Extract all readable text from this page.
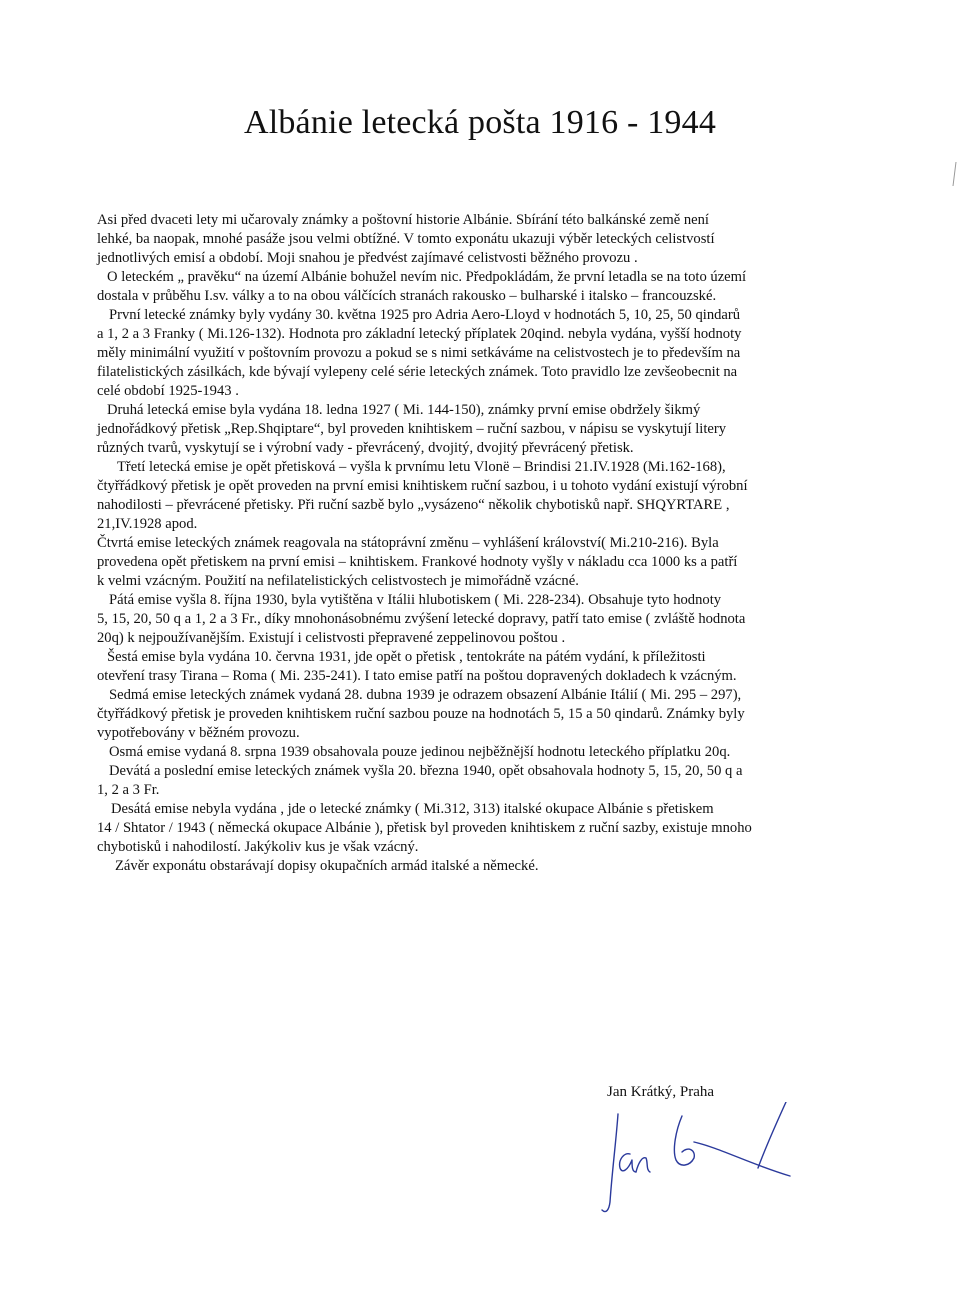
Albánie letecká pošta 1916 - 1944
Asi před dvaceti lety mi učarovaly známky a poštovní historie Albánie. Sbírání této balkánské země není
lehké, ba naopak, mnohé pasáže jsou velmi obtížné. V tomto exponátu ukazuji výběr leteckých celistvostí
jednotlivých emisí a období. Moji snahou je předvést zajímavé celistvosti běžného provozu .
O leteckém „ pravěku“ na území Albánie bohužel nevím nic. Předpokládám, že první letadla se na toto území
dostala v průběhu I.sv. války a to na obou válčících stranách rakousko – bulharské i italsko – francouzské.
První letecké známky byly vydány 30. května 1925 pro Adria Aero-Lloyd v hodnotách 5, 10, 25, 50 qindarů
a 1, 2 a 3 Franky ( Mi.126-132). Hodnota pro základní letecký příplatek 20qind. nebyla vydána, vyšší hodnoty
měly minimální využití v poštovním provozu a pokud se s nimi setkáváme na celistvostech je to především na
filatelistických zásilkách, kde bývají vylepeny celé série leteckých známek. Toto pravidlo lze zevšeobecnit na
celé období 1925-1943 .
Druhá letecká emise byla vydána 18. ledna 1927 ( Mi. 144-150), známky první emise obdržely šikmý
jednořádkový přetisk „Rep.Shqiptare“, byl proveden knihtiskem – ruční sazbou, v nápisu se vyskytují litery
různých tvarů, vyskytují se i výrobní vady - převrácený, dvojitý, dvojitý převrácený přetisk.
Třetí letecká emise je opět přetisková – vyšla k prvnímu letu Vlonë – Brindisi 21.IV.1928 (Mi.162-168),
čtyřřádkový přetisk je opět proveden na první emisi knihtiskem ruční sazbou, i u tohoto vydání existují výrobní
nahodilosti – převrácené přetisky. Při ruční sazbě bylo „vysázeno“ několik chybotisků např. SHQYRTARE ,
21,IV.1928 apod.
Čtvrtá emise leteckých známek reagovala na státoprávní změnu – vyhlášení království( Mi.210-216). Byla
provedena opět přetiskem na první emisi – knihtiskem. Frankové hodnoty vyšly v nákladu cca 1000 ks a patří
k velmi vzácným. Použití na nefilatelistických celistvostech je mimořádně vzácné.
Pátá emise vyšla 8. října 1930, byla vytištěna v Itálii hlubotiskem ( Mi. 228-234). Obsahuje tyto hodnoty
5, 15, 20, 50 q a 1, 2 a 3 Fr., díky mnohonásobnému zvýšení letecké dopravy, patří tato emise ( zvláště hodnota
20q) k nejpoužívanějším. Existují i celistvosti přepravené zeppelinovou poštou .
Šestá emise byla vydána 10. června 1931, jde opět o přetisk , tentokráte na pátém vydání, k příležitosti
otevření trasy Tirana – Roma ( Mi. 235-241). I tato emise patří na poštou dopravených dokladech k vzácným.
Sedmá emise leteckých známek vydaná 28. dubna 1939 je odrazem obsazení Albánie Itálií ( Mi. 295 – 297),
čtyřřádkový přetisk je proveden knihtiskem ruční sazbou pouze na hodnotách 5, 15 a 50 qindarů. Známky byly
vypotřebovány v běžném provozu.
Osmá emise vydaná 8. srpna 1939 obsahovala pouze jedinou nejběžnější hodnotu leteckého příplatku 20q.
Devátá a poslední emise leteckých známek vyšla 20. března 1940, opět obsahovala hodnoty 5, 15, 20, 50 q a
1, 2 a 3 Fr.
Desátá emise nebyla vydána , jde o letecké známky ( Mi.312, 313) italské okupace Albánie s přetiskem
14 / Shtator / 1943 ( německá okupace Albánie ), přetisk byl proveden knihtiskem z ruční sazby, existuje mnoho
chybotisků i nahodilostí. Jakýkoliv kus je však vzácný.
Závěr exponátu obstarávají dopisy okupačních armád italské a německé.
Jan Krátký, Praha
